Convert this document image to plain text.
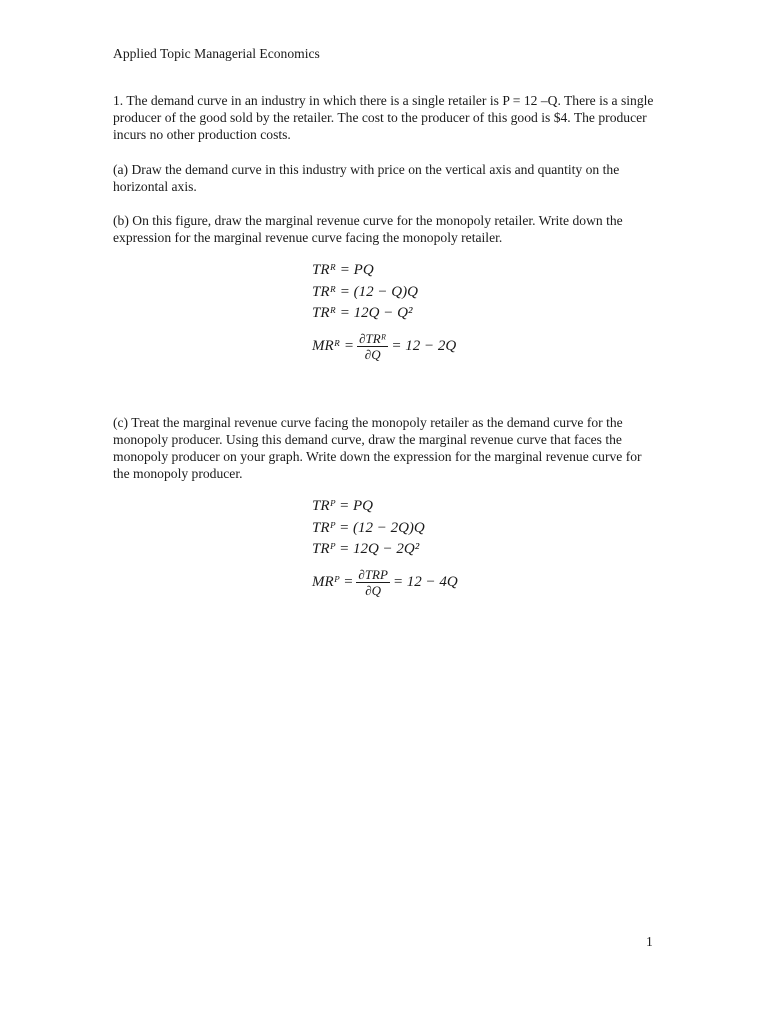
Applied Topic Managerial Economics

1. The demand curve in an industry in which there is a single retailer is P = 12 –Q. There is a single producer of the good sold by the retailer. The cost to the producer of this good is $4. The producer incurs no other production costs.

(a) Draw the demand curve in this industry with price on the vertical axis and quantity on the horizontal axis.

(b) On this figure, draw the marginal revenue curve for the monopoly retailer. Write down the expression for the marginal revenue curve facing the monopoly retailer.

TRᴿ = PQ
TRᴿ = (12 − Q)Q
TRᴿ = 12Q − Q²
MRᴿ = $\frac{\text{∂TRᴿ}}{\partial Q} = 12 - 2Q$

(c) Treat the marginal revenue curve facing the monopoly retailer as the demand curve for the monopoly producer. Using this demand curve, draw the marginal revenue curve that faces the monopoly producer on your graph. Write down the expression for the marginal revenue curve for the monopoly producer.

TRᴾ = PQ
TRᴾ = (12 − 2Q)Q
TRᴾ = 12Q − 2Q²
MRᴾ = $\frac{\text{∂TRP}}{\partial Q} = 12 - 4Q$
1
